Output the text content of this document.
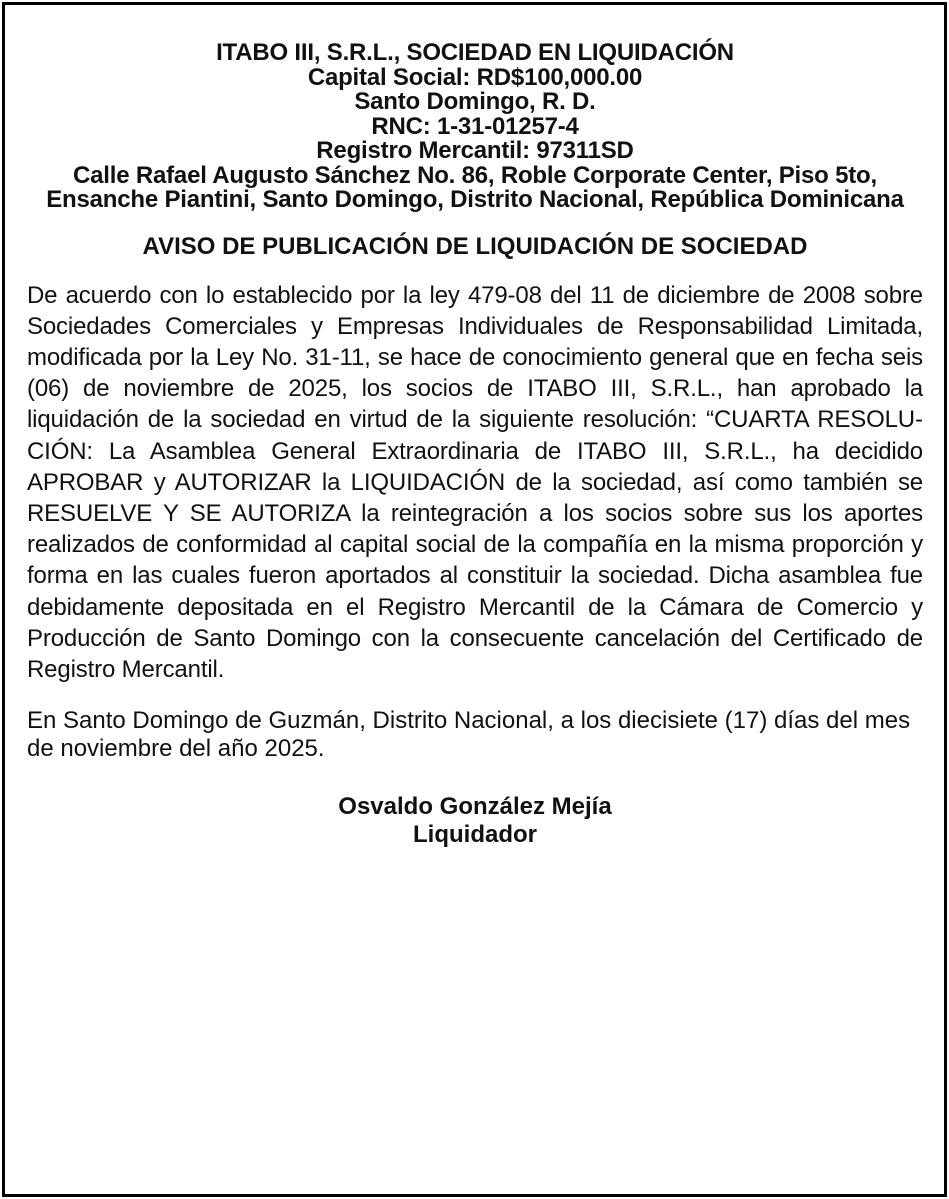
ITABO III, S.R.L., SOCIEDAD EN LIQUIDACIÓN
Capital Social: RD$100,000.00
Santo Domingo, R. D.
RNC: 1-31-01257-4
Registro Mercantil: 97311SD
Calle Rafael Augusto Sánchez No. 86, Roble Corporate Center, Piso 5to,
Ensanche Piantini, Santo Domingo, Distrito Nacional, República Dominicana
AVISO DE PUBLICACIÓN DE LIQUIDACIÓN DE SOCIEDAD
De acuerdo con lo establecido por la ley 479-08 del 11 de diciembre de 2008 sobre Sociedades Comerciales y Empresas Individuales de Responsabilidad Limitada, modificada por la Ley No. 31-11, se hace de conocimiento general que en fecha seis (06) de noviembre de 2025, los socios de ITABO III, S.R.L., han aprobado la liquidación de la sociedad en virtud de la siguiente resolución: “CUARTA RESOLUCIÓN: La Asamblea General Extraordinaria de ITABO III, S.R.L., ha decidido APROBAR y AUTORIZAR la LIQUIDACIÓN de la sociedad, así como también se RESUELVE Y SE AUTORIZA la reintegración a los socios sobre sus los aportes realizados de conformidad al capital social de la compañía en la misma proporción y forma en las cuales fueron aportados al constituir la sociedad. Dicha asamblea fue debidamente depositada en el Registro Mercantil de la Cámara de Comercio y Producción de Santo Domingo con la consecuente cancelación del Certificado de Registro Mercantil.
En Santo Domingo de Guzmán, Distrito Nacional, a los diecisiete (17) días del mes de noviembre del año 2025.
Osvaldo González Mejía
Liquidador
